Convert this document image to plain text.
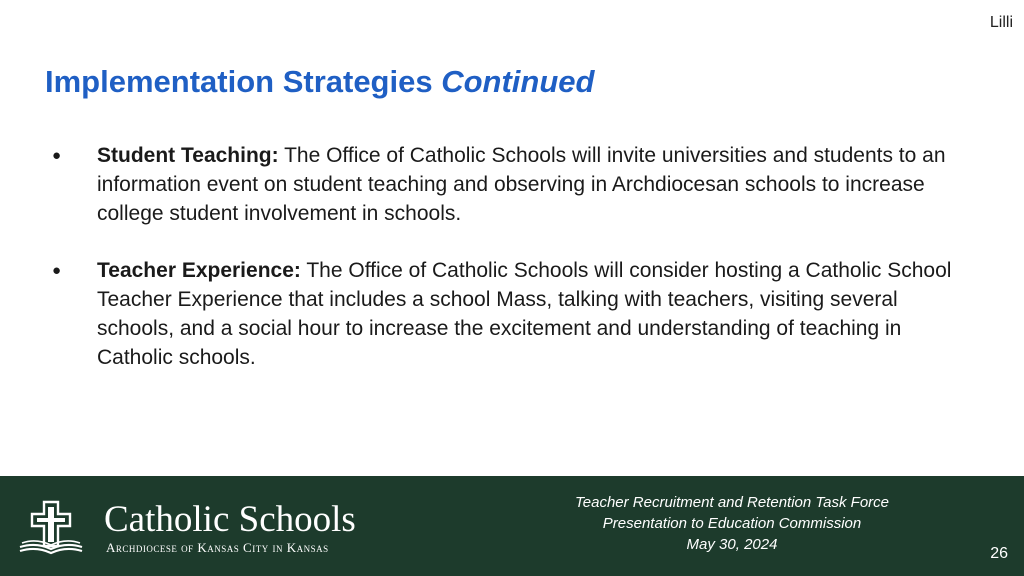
Lilli
Implementation Strategies Continued
● Student Teaching: The Office of Catholic Schools will invite universities and students to an information event on student teaching and observing in Archdiocesan schools to increase college student involvement in schools.
● Teacher Experience: The Office of Catholic Schools will consider hosting a Catholic School Teacher Experience that includes a school Mass, talking with teachers, visiting several schools, and a social hour to increase the excitement and understanding of teaching in Catholic schools.
Catholic Schools
Archdiocese of Kansas City in Kansas
Teacher Recruitment and Retention Task Force
Presentation to Education Commission
May 30, 2024
26
